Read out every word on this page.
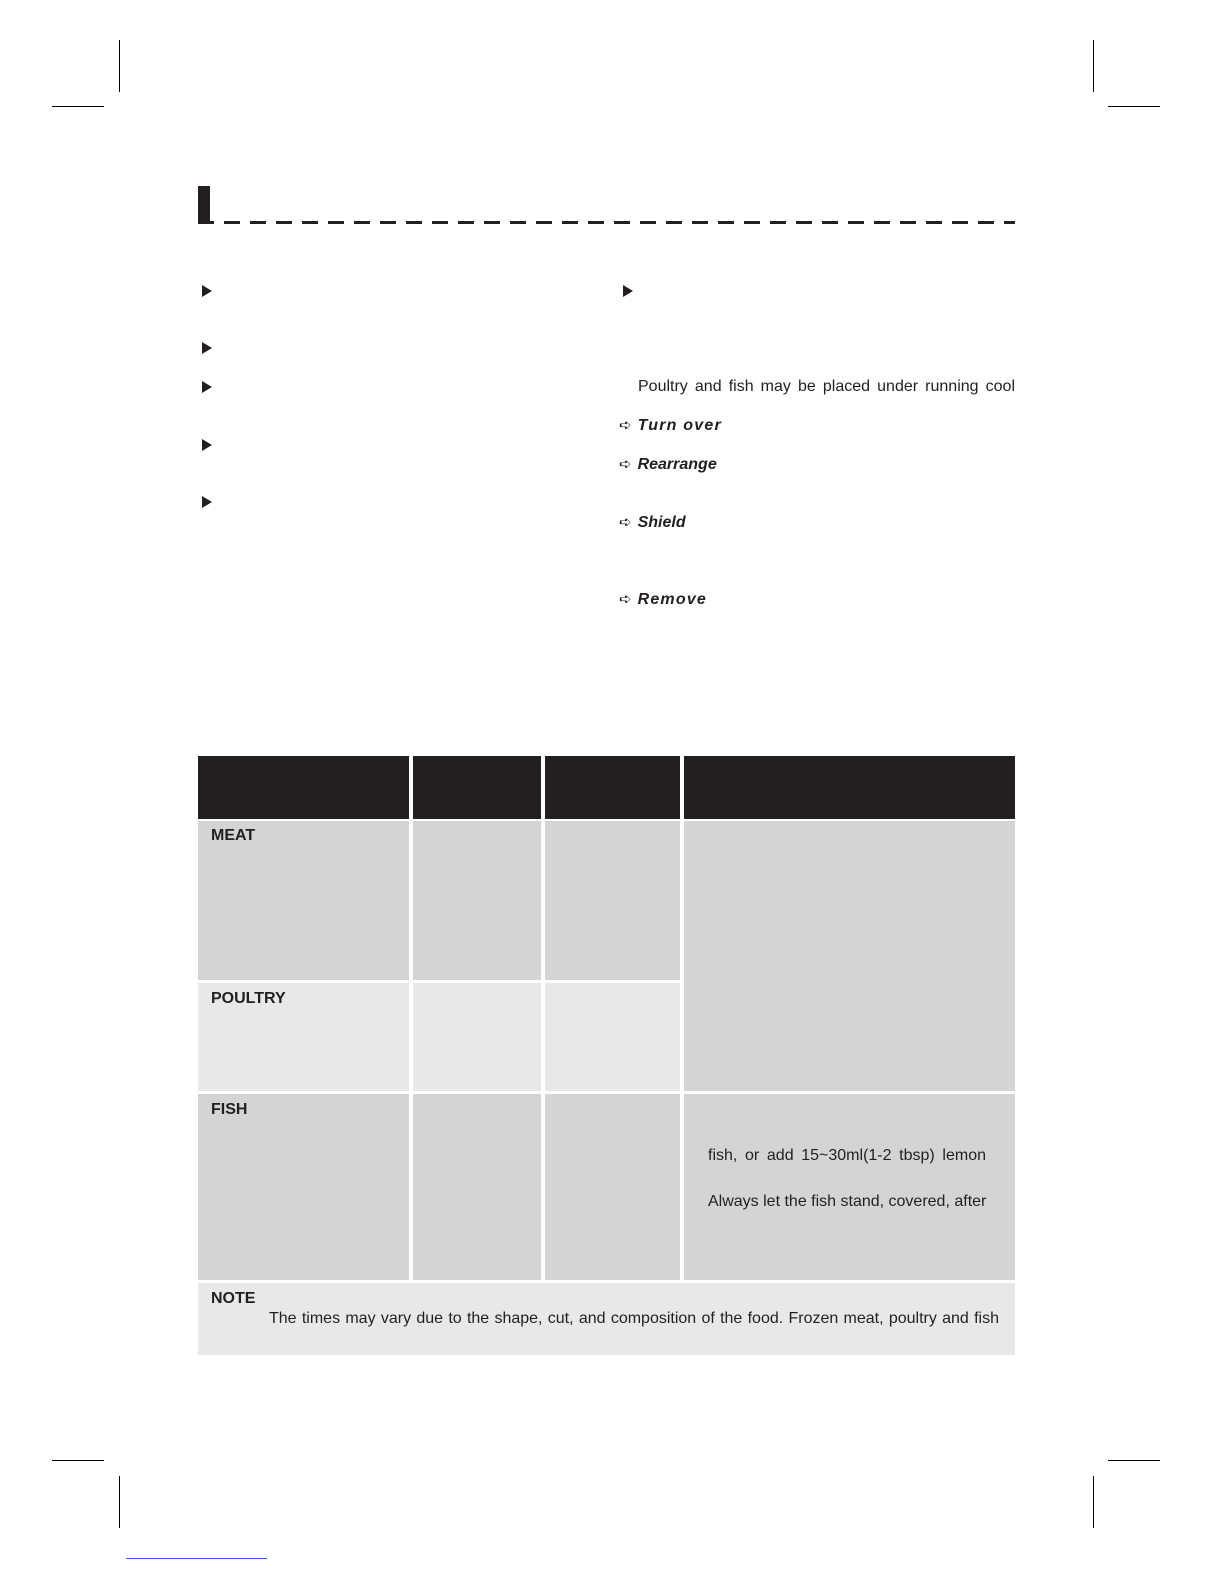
Poultry and fish may be placed under running cool
➪ Turn over
➪ Rearrange
➪ Shield
➪ Remove
MEAT
POULTRY
FISH
fish, or add 15~30ml(1-2 tbsp) lemon
Always let the fish stand, covered, after
NOTE
The times may vary due to the shape, cut, and composition of the food. Frozen meat, poultry and fish
